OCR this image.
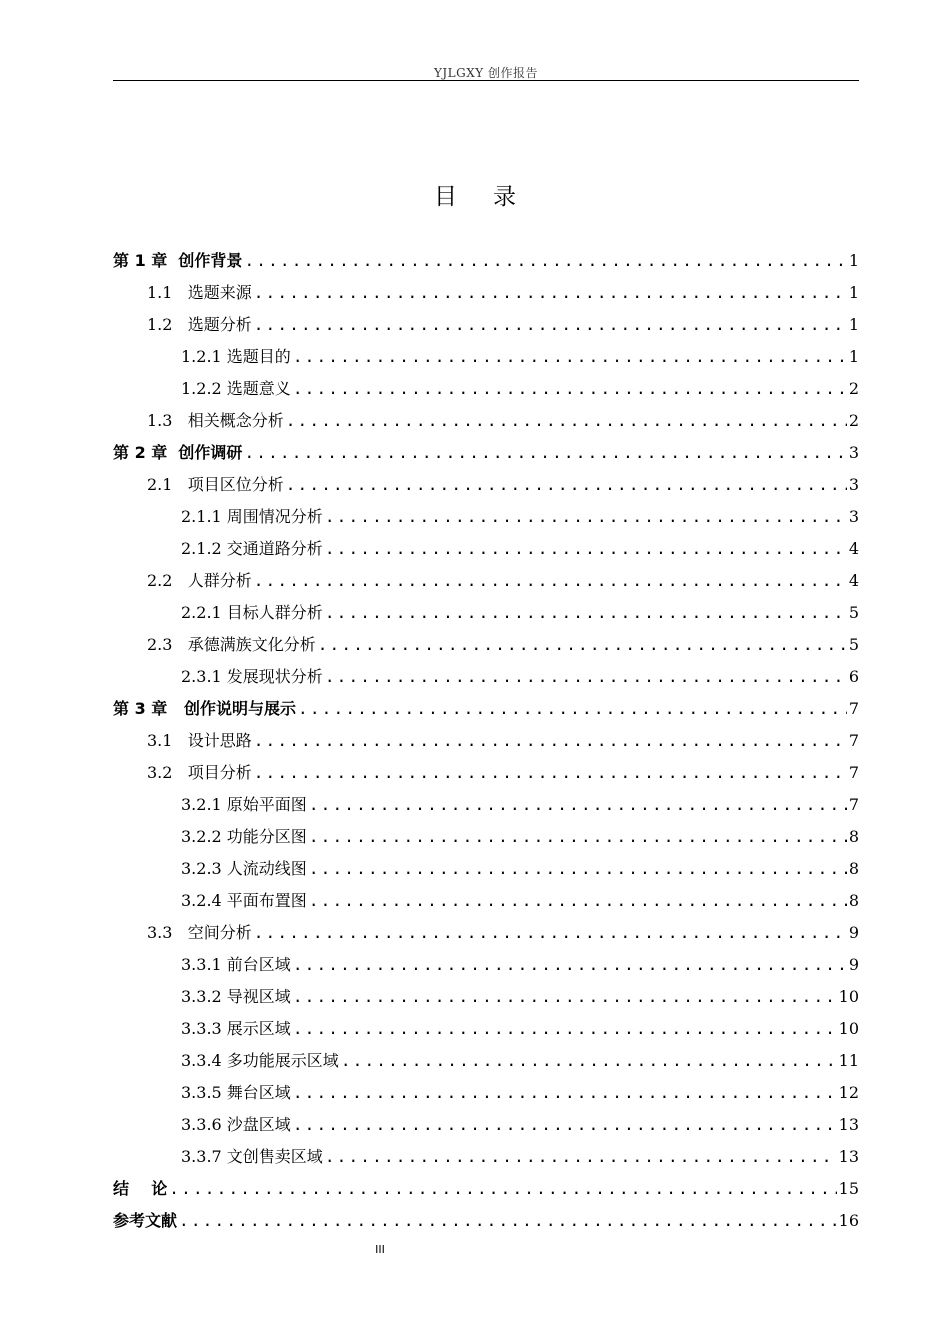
YJLGXY 创作报告
目录
第 1 章 创作背景 .....	1
1.1 选题来源 .....	1
1.2 选题分析 .....	1
1.2.1 选题目的 .....	1
1.2.2 选题意义 .....	2
1.3 相关概念分析 .....	2
第 2 章 创作调研 .....	3
2.1 项目区位分析 .....	3
2.1.1 周围情况分析 .....	3
2.1.2 交通道路分析 .....	4
2.2 人群分析 .....	4
2.2.1 目标人群分析 .....	5
2.3 承德满族文化分析 .....	5
2.3.1 发展现状分析 .....	6
第 3 章 创作说明与展示 .....	7
3.1 设计思路 .....	7
3.2 项目分析 .....	7
3.2.1 原始平面图 .....	7
3.2.2 功能分区图 .....	8
3.2.3 人流动线图 .....	8
3.2.4 平面布置图 .....	8
3.3 空间分析 .....	9
3.3.1 前台区域 .....	9
3.3.2 导视区域 .....	10
3.3.3 展示区域 .....	10
3.3.4 多功能展示区域 .....	11
3.3.5 舞台区域 .....	12
3.3.6 沙盘区域 .....	13
3.3.7 文创售卖区域 .....	13
结    论 .....	15
参考文献 .....	16
III
